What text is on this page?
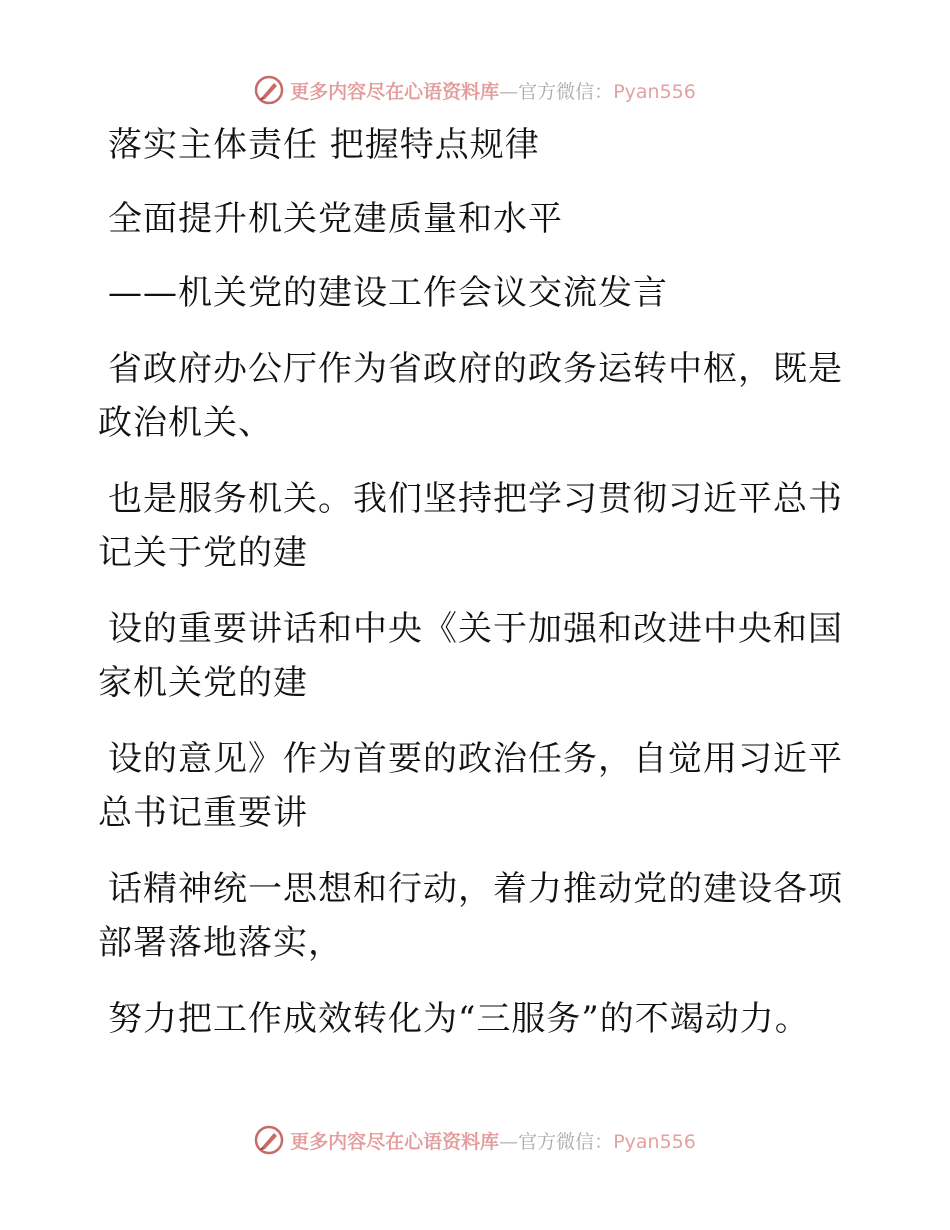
更多内容尽在心语资料库—官方微信：Pyan556
落实主体责任 把握特点规律
全面提升机关党建质量和水平
——机关党的建设工作会议交流发言
省政府办公厅作为省政府的政务运转中枢，既是
政治机关、
也是服务机关。我们坚持把学习贯彻习近平总书
记关于党的建
设的重要讲话和中央《关于加强和改进中央和国
家机关党的建
设的意见》作为首要的政治任务，自觉用习近平
总书记重要讲
话精神统一思想和行动，着力推动党的建设各项
部署落地落实，
努力把工作成效转化为“三服务”的不竭动力。
更多内容尽在心语资料库—官方微信：Pyan556
